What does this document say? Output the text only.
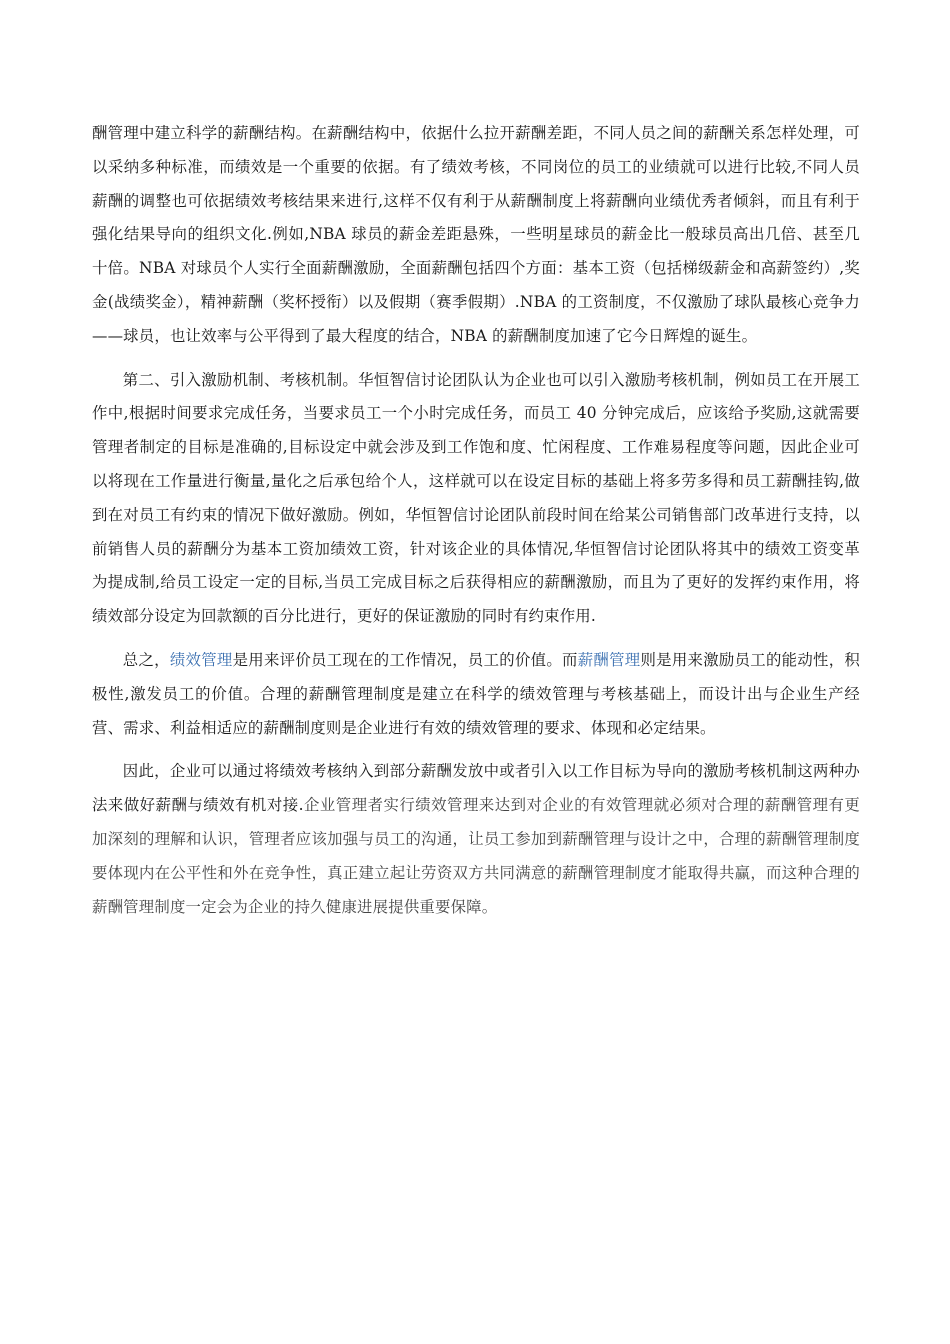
酬管理中建立科学的薪酬结构。在薪酬结构中，依据什么拉开薪酬差距，不同人员之间的薪酬关系怎样处理，可以采纳多种标准，而绩效是一个重要的依据。有了绩效考核，不同岗位的员工的业绩就可以进行比较,不同人员薪酬的调整也可依据绩效考核结果来进行,这样不仅有利于从薪酬制度上将薪酬向业绩优秀者倾斜，而且有利于强化结果导向的组织文化.例如,NBA 球员的薪金差距悬殊，一些明星球员的薪金比一般球员高出几倍、甚至几十倍。NBA 对球员个人实行全面薪酬激励，全面薪酬包括四个方面：基本工资（包括梯级薪金和高薪签约）,奖金(战绩奖金），精神薪酬（奖杯授衔）以及假期（赛季假期）.NBA 的工资制度，不仅激励了球队最核心竞争力——球员，也让效率与公平得到了最大程度的结合，NBA 的薪酬制度加速了它今日辉煌的诞生。

第二、引入激励机制、考核机制。华恒智信讨论团队认为企业也可以引入激励考核机制，例如员工在开展工作中,根据时间要求完成任务，当要求员工一个小时完成任务，而员工 40 分钟完成后，应该给予奖励,这就需要管理者制定的目标是准确的,目标设定中就会涉及到工作饱和度、忙闲程度、工作难易程度等问题，因此企业可以将现在工作量进行衡量,量化之后承包给个人，这样就可以在设定目标的基础上将多劳多得和员工薪酬挂钩,做到在对员工有约束的情况下做好激励。例如，华恒智信讨论团队前段时间在给某公司销售部门改革进行支持，以前销售人员的薪酬分为基本工资加绩效工资，针对该企业的具体情况,华恒智信讨论团队将其中的绩效工资变革为提成制,给员工设定一定的目标,当员工完成目标之后获得相应的薪酬激励，而且为了更好的发挥约束作用，将绩效部分设定为回款额的百分比进行，更好的保证激励的同时有约束作用.

总之，绩效管理是用来评价员工现在的工作情况，员工的价值。而薪酬管理则是用来激励员工的能动性，积极性,激发员工的价值。合理的薪酬管理制度是建立在科学的绩效管理与考核基础上，而设计出与企业生产经营、需求、利益相适应的薪酬制度则是企业进行有效的绩效管理的要求、体现和必定结果。

因此，企业可以通过将绩效考核纳入到部分薪酬发放中或者引入以工作目标为导向的激励考核机制这两种办法来做好薪酬与绩效有机对接.企业管理者实行绩效管理来达到对企业的有效管理就必须对合理的薪酬管理有更加深刻的理解和认识，管理者应该加强与员工的沟通，让员工参加到薪酬管理与设计之中，合理的薪酬管理制度要体现内在公平性和外在竞争性，真正建立起让劳资双方共同满意的薪酬管理制度才能取得共赢，而这种合理的薪酬管理制度一定会为企业的持久健康进展提供重要保障。
